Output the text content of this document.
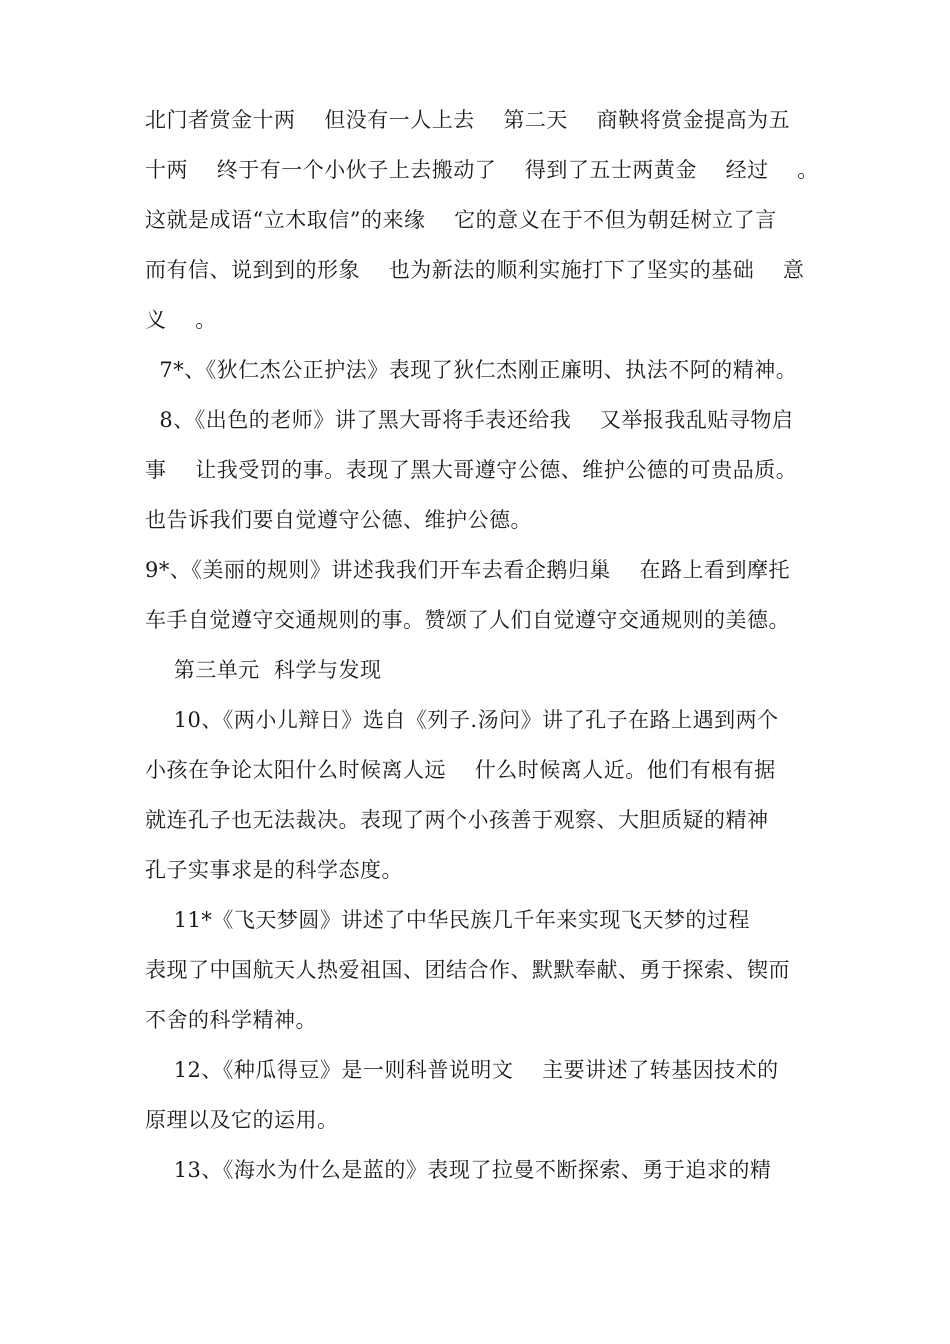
北门者赏金十两    但没有一人上去    第二天    商鞅将赏金提高为五
十两    终于有一个小伙子上去搬动了    得到了五士两黄金    经过    。
这就是成语“立木取信”的来缘    它的意义在于不但为朝廷树立了言
而有信、说到到的形象    也为新法的顺利实施打下了坚实的基础    意
义    。
7*、《狄仁杰公正护法》表现了狄仁杰刚正廉明、执法不阿的精神。
8、《出色的老师》讲了黑大哥将手表还给我    又举报我乱贴寻物启
事    让我受罚的事。表现了黑大哥遵守公德、维护公德的可贵品质。
也告诉我们要自觉遵守公德、维护公德。
9*、《美丽的规则》讲述我我们开车去看企鹅归巢    在路上看到摩托
车手自觉遵守交通规则的事。赞颂了人们自觉遵守交通规则的美德。
第三单元  科学与发现
10、《两小儿辩日》选自《列子.汤问》讲了孔子在路上遇到两个
小孩在争论太阳什么时候离人远    什么时候离人近。他们有根有据
就连孔子也无法裁决。表现了两个小孩善于观察、大胆质疑的精神
孔子实事求是的科学态度。
11*《飞天梦圆》讲述了中华民族几千年来实现飞天梦的过程
表现了中国航天人热爱祖国、团结合作、默默奉献、勇于探索、锲而
不舍的科学精神。
12、《种瓜得豆》是一则科普说明文    主要讲述了转基因技术的
原理以及它的运用。
13、《海水为什么是蓝的》表现了拉曼不断探索、勇于追求的精
